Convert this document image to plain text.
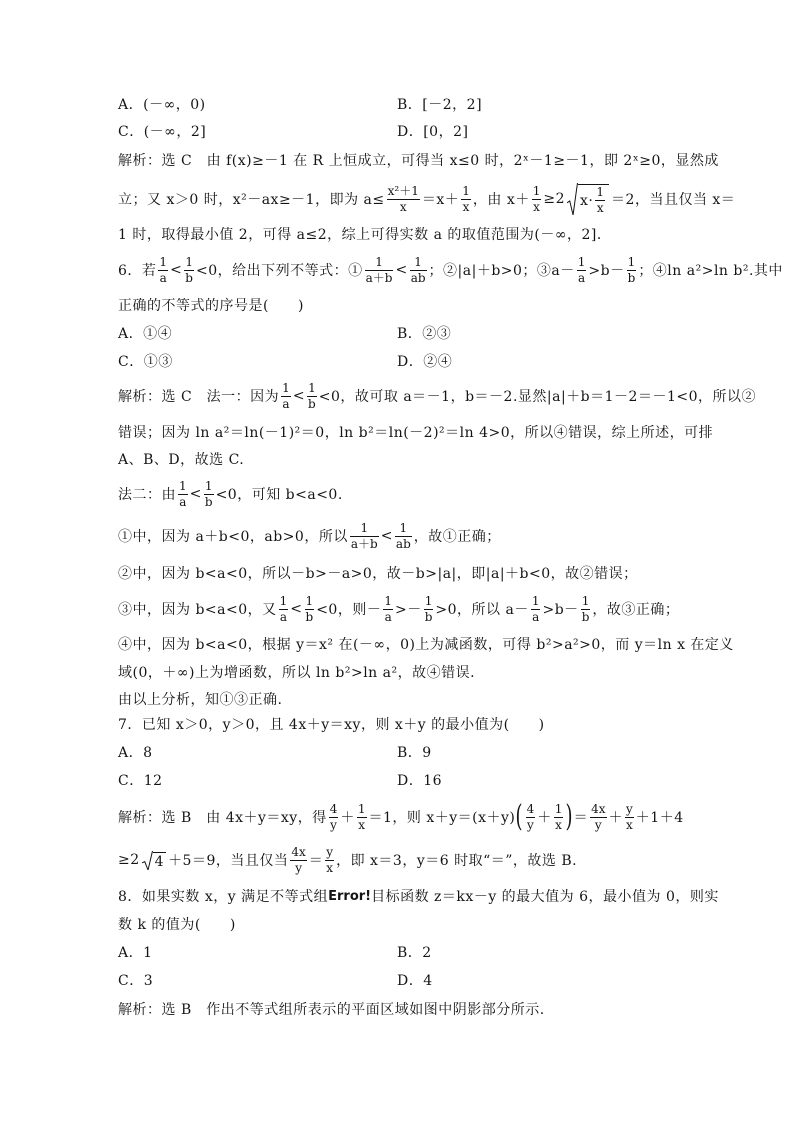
A．(－∞，0)	B．[－2，2]
C．(－∞，2]	D．[0，2]
解析：选 C　由 f(x)≥－1 在 R 上恒成立，可得当 x≤0 时，2ˣ－1≥－1，即 2ˣ≥0，显然成
立；又 x＞0 时，x²－ax≥－1，即为 $a\le \frac{\text{x²＋1}}{x} =x+ \frac{1}{x}$ ，由 $x+ \frac{1}{x} \ge 2$ $x\cdot \frac{1}{x} =2$，当且仅当 x＝
1 时，取得最小值 2，可得 a≤2，综上可得实数 a 的取值范围为(－∞，2]．
6．若 $\frac{1}{a} < \frac{1}{b} <0$，给出下列不等式：① $\frac{1}{a+b} < \frac{1}{ab}$ ；②|a|＋b>0；③a－ $\frac{1}{a} >b- \frac{1}{b}$ ；④ln a²>ln b².其中
正确的不等式的序号是(　　)
A．①④	B．②③
C．①③	D．②④
解析：选 C　法一：因为 $\frac{1}{a} < \frac{1}{b} <0$，故可取 a＝－1，b＝－2.显然|a|＋b＝1－2＝－1<0，所以②
错误；因为 ln a²＝ln(－1)²＝0，ln b²＝ln(－2)²＝ln 4>0，所以④错误，综上所述，可排
A、B、D，故选 C.
法二：由 $\frac{1}{a} < \frac{1}{b} <0$，可知 b<a<0.
①中，因为 a＋b<0，ab>0，所以 $\frac{1}{a+b} < \frac{1}{ab}$ ，故①正确；
②中，因为 b<a<0，所以－b>－a>0，故－b>|a|，即|a|＋b<0，故②错误；
③中，因为 b<a<0，又 $\frac{1}{a} < \frac{1}{b} <0$，则－ $\frac{1}{a} >- \frac{1}{b} >0$，所以 $a- \frac{1}{a} >b- \frac{1}{b}$ ，故③正确；
④中，因为 b<a<0，根据 y＝x² 在(－∞，0)上为减函数，可得 b²>a²>0，而 y＝ln x 在定义
域(0，＋∞)上为增函数，所以 ln b²>ln a²，故④错误.
由以上分析，知①③正确.
7．已知 x＞0，y＞0，且 4x＋y＝xy，则 x＋y 的最小值为(　　)
A．8	B．9
C．12	D．16
解析：选 B　由 4x＋y＝xy，得 $\frac{4}{y} + \frac{1}{x} =1$，则 x＋y＝(x＋y) ( $\frac{4}{y} + \frac{1}{x}$ ) ＝ $\frac{4x}{y} + \frac{y}{x} +1+4$
≥2 4 ＋5＝9，当且仅当 $\frac{4x}{y} = \frac{y}{x}$ ，即 x＝3，y＝6 时取“＝”，故选 B.
8．如果实数 x，y 满足不等式组 Error! 目标函数 z＝kx－y 的最大值为 6，最小值为 0，则实
数 k 的值为(　　)
A．1	B．2
C．3	D．4
解析：选 B　作出不等式组所表示的平面区域如图中阴影部分所示.
